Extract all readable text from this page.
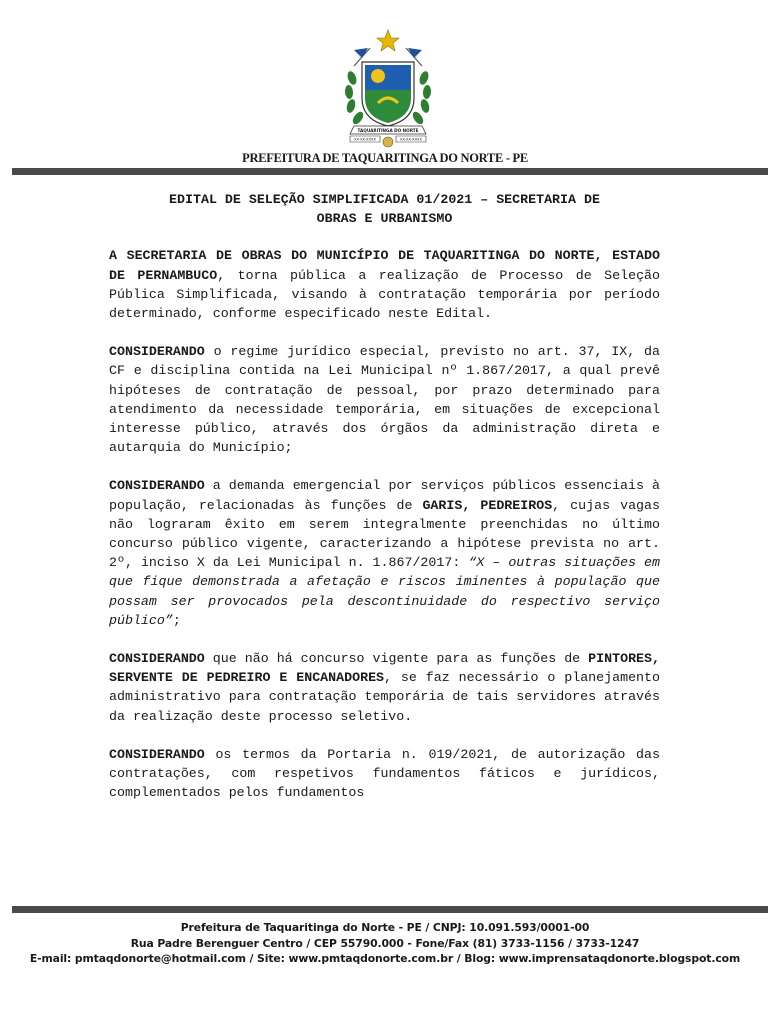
TAQUARITINGA DO NORTE
XX·XX·XXXX	XX·XX·XXXX
PREFEITURA DE TAQUARITINGA DO NORTE - PE
EDITAL DE SELEÇÃO SIMPLIFICADA 01/2021 – SECRETARIA DE
OBRAS E URBANISMO

A SECRETARIA DE OBRAS DO MUNICÍPIO DE TAQUARITINGA DO NORTE, ESTADO DE PERNAMBUCO, torna pública a realização de Processo de Seleção Pública Simplificada, visando à contratação temporária por período determinado, conforme especificado neste Edital.

CONSIDERANDO o regime jurídico especial, previsto no art. 37, IX, da CF e disciplina contida na Lei Municipal nº 1.867/2017, a qual prevê hipóteses de contratação de pessoal, por prazo determinado para atendimento da necessidade temporária, em situações de excepcional interesse público, através dos órgãos da administração direta e autarquia do Município;

CONSIDERANDO a demanda emergencial por serviços públicos essenciais à população, relacionadas às funções de GARIS, PEDREIROS, cujas vagas não lograram êxito em serem integralmente preenchidas no último concurso público vigente, caracterizando a hipótese prevista no art. 2º, inciso X da Lei Municipal n. 1.867/2017: “X – outras situações em que fique demonstrada a afetação e riscos iminentes à população que possam ser provocados pela descontinuidade do respectivo serviço público”;

CONSIDERANDO que não há concurso vigente para as funções de PINTORES, SERVENTE DE PEDREIRO E ENCANADORES, se faz necessário o planejamento administrativo para contratação temporária de tais servidores através da realização deste processo seletivo.

CONSIDERANDO os termos da Portaria n. 019/2021, de autorização das contratações, com respetivos fundamentos fáticos e jurídicos, complementados pelos fundamentos

Prefeitura de Taquaritinga do Norte - PE / CNPJ: 10.091.593/0001-00
Rua Padre Berenguer Centro / CEP 55790.000 - Fone/Fax (81) 3733-1156 / 3733-1247
E-mail: pmtaqdonorte@hotmail.com / Site: www.pmtaqdonorte.com.br / Blog: www.imprensataqdonorte.blogspot.com
